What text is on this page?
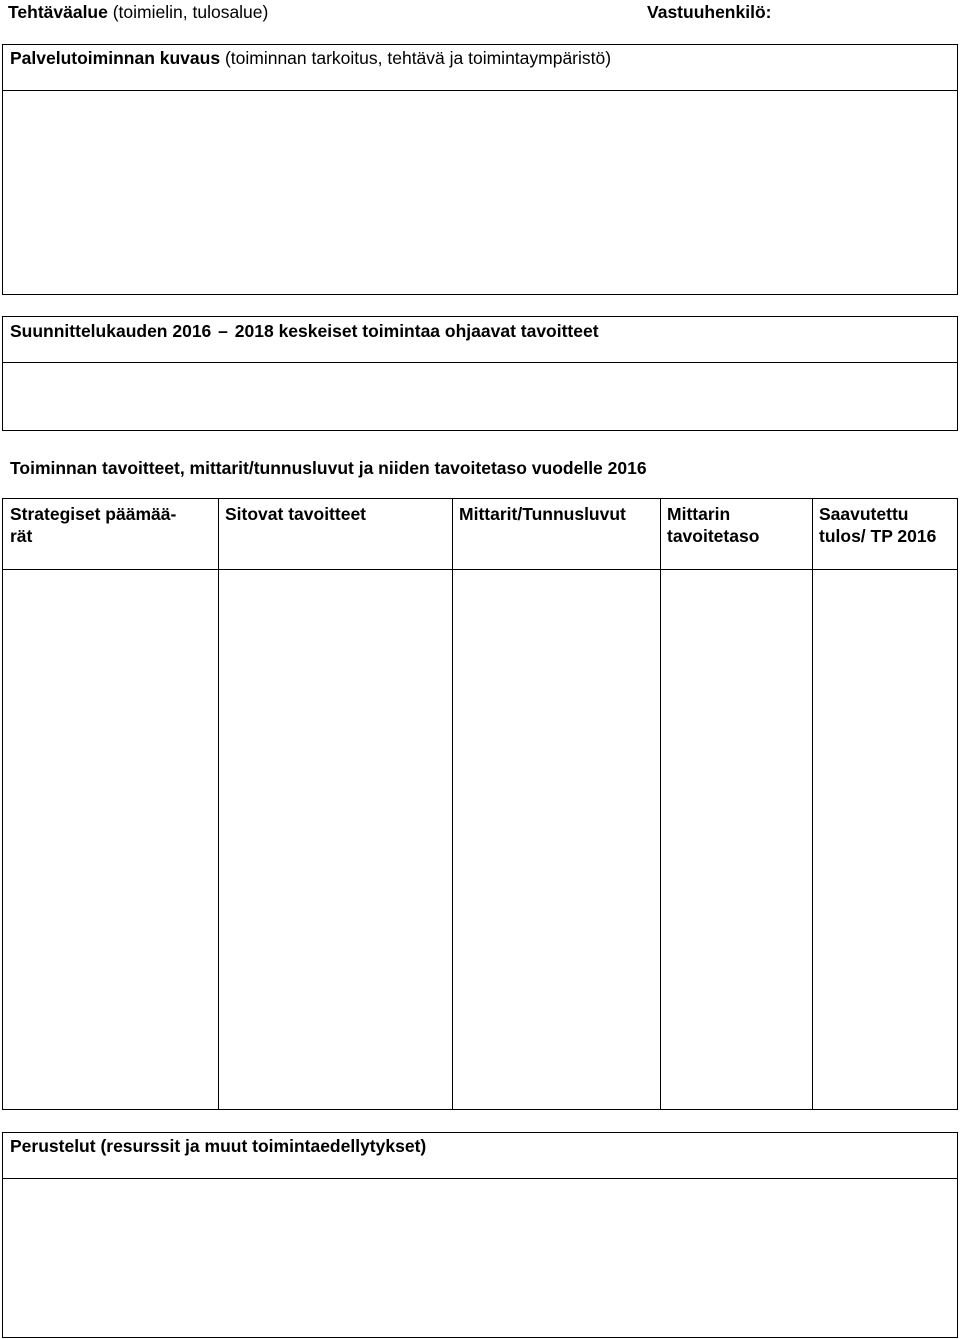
Tehtäväalue (toimielin, tulosalue)	Vastuuhenkilö:
Palvelutoiminnan kuvaus (toiminnan tarkoitus, tehtävä ja toimintaympäristö)
Suunnittelukauden 2016 – 2018 keskeiset toimintaa ohjaavat tavoitteet
Toiminnan tavoitteet, mittarit/tunnusluvut ja niiden tavoitetaso vuodelle 2016
Strategiset päämää-
rät
Sitovat tavoitteet	Mittarit/Tunnusluvut Mittarin
tavoitetaso
Saavutettu
tulos/ TP 2016
Perustelut (resurssit ja muut toimintaedellytykset)
